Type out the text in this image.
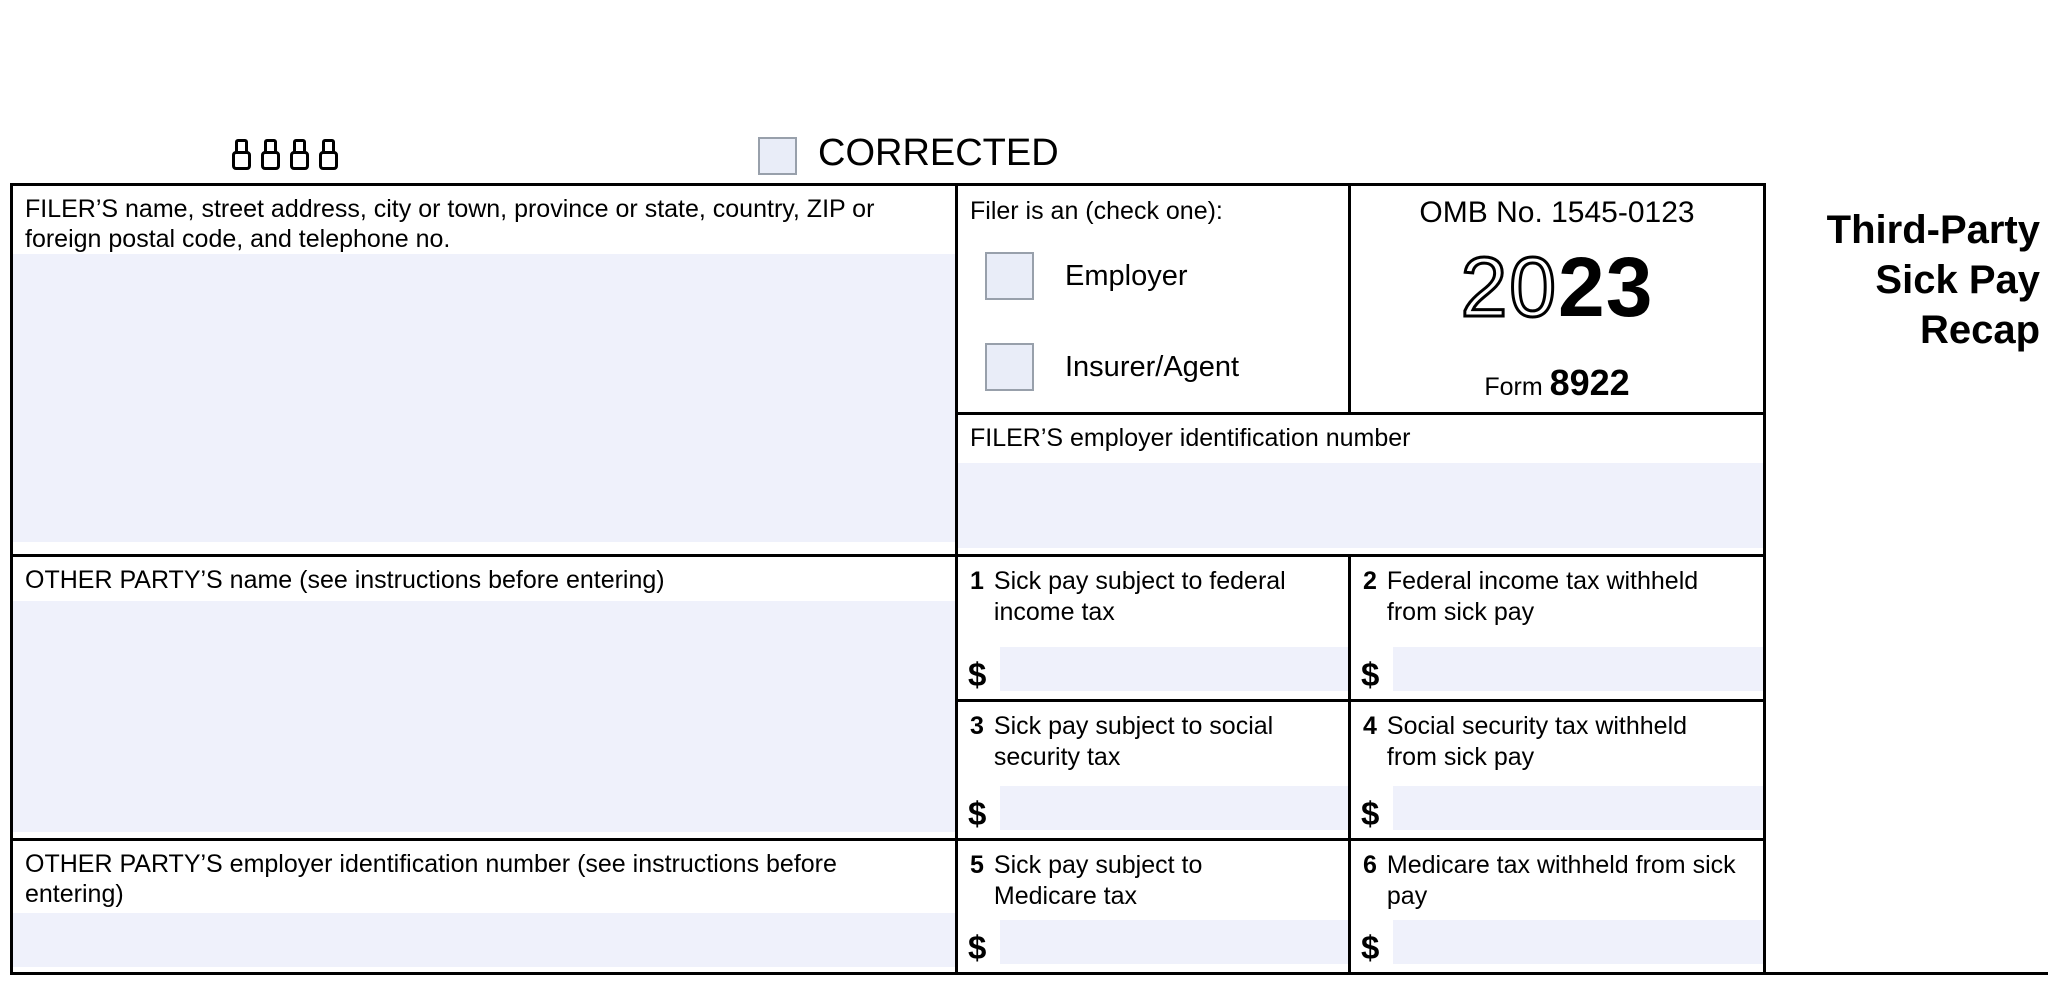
CORRECTED
Third-Party
Sick Pay
Recap
FILER’S name, street address, city or town, province or state, country, ZIP or foreign postal code, and telephone no.
Filer is an (check one):
Employer
Insurer/Agent
OMB No. 1545-0123
2023
Form 8922
FILER’S employer identification number
OTHER PARTY’S name (see instructions before entering)	1 Sick pay subject to federal income tax
$
2 Federal income tax withheld from sick pay
$
3 Sick pay subject to social security tax
$
4 Social security tax withheld from sick pay
$
OTHER PARTY’S employer identification number (see instructions before entering)
5 Sick pay subject to Medicare tax
$
6 Medicare tax withheld from sick pay
$
